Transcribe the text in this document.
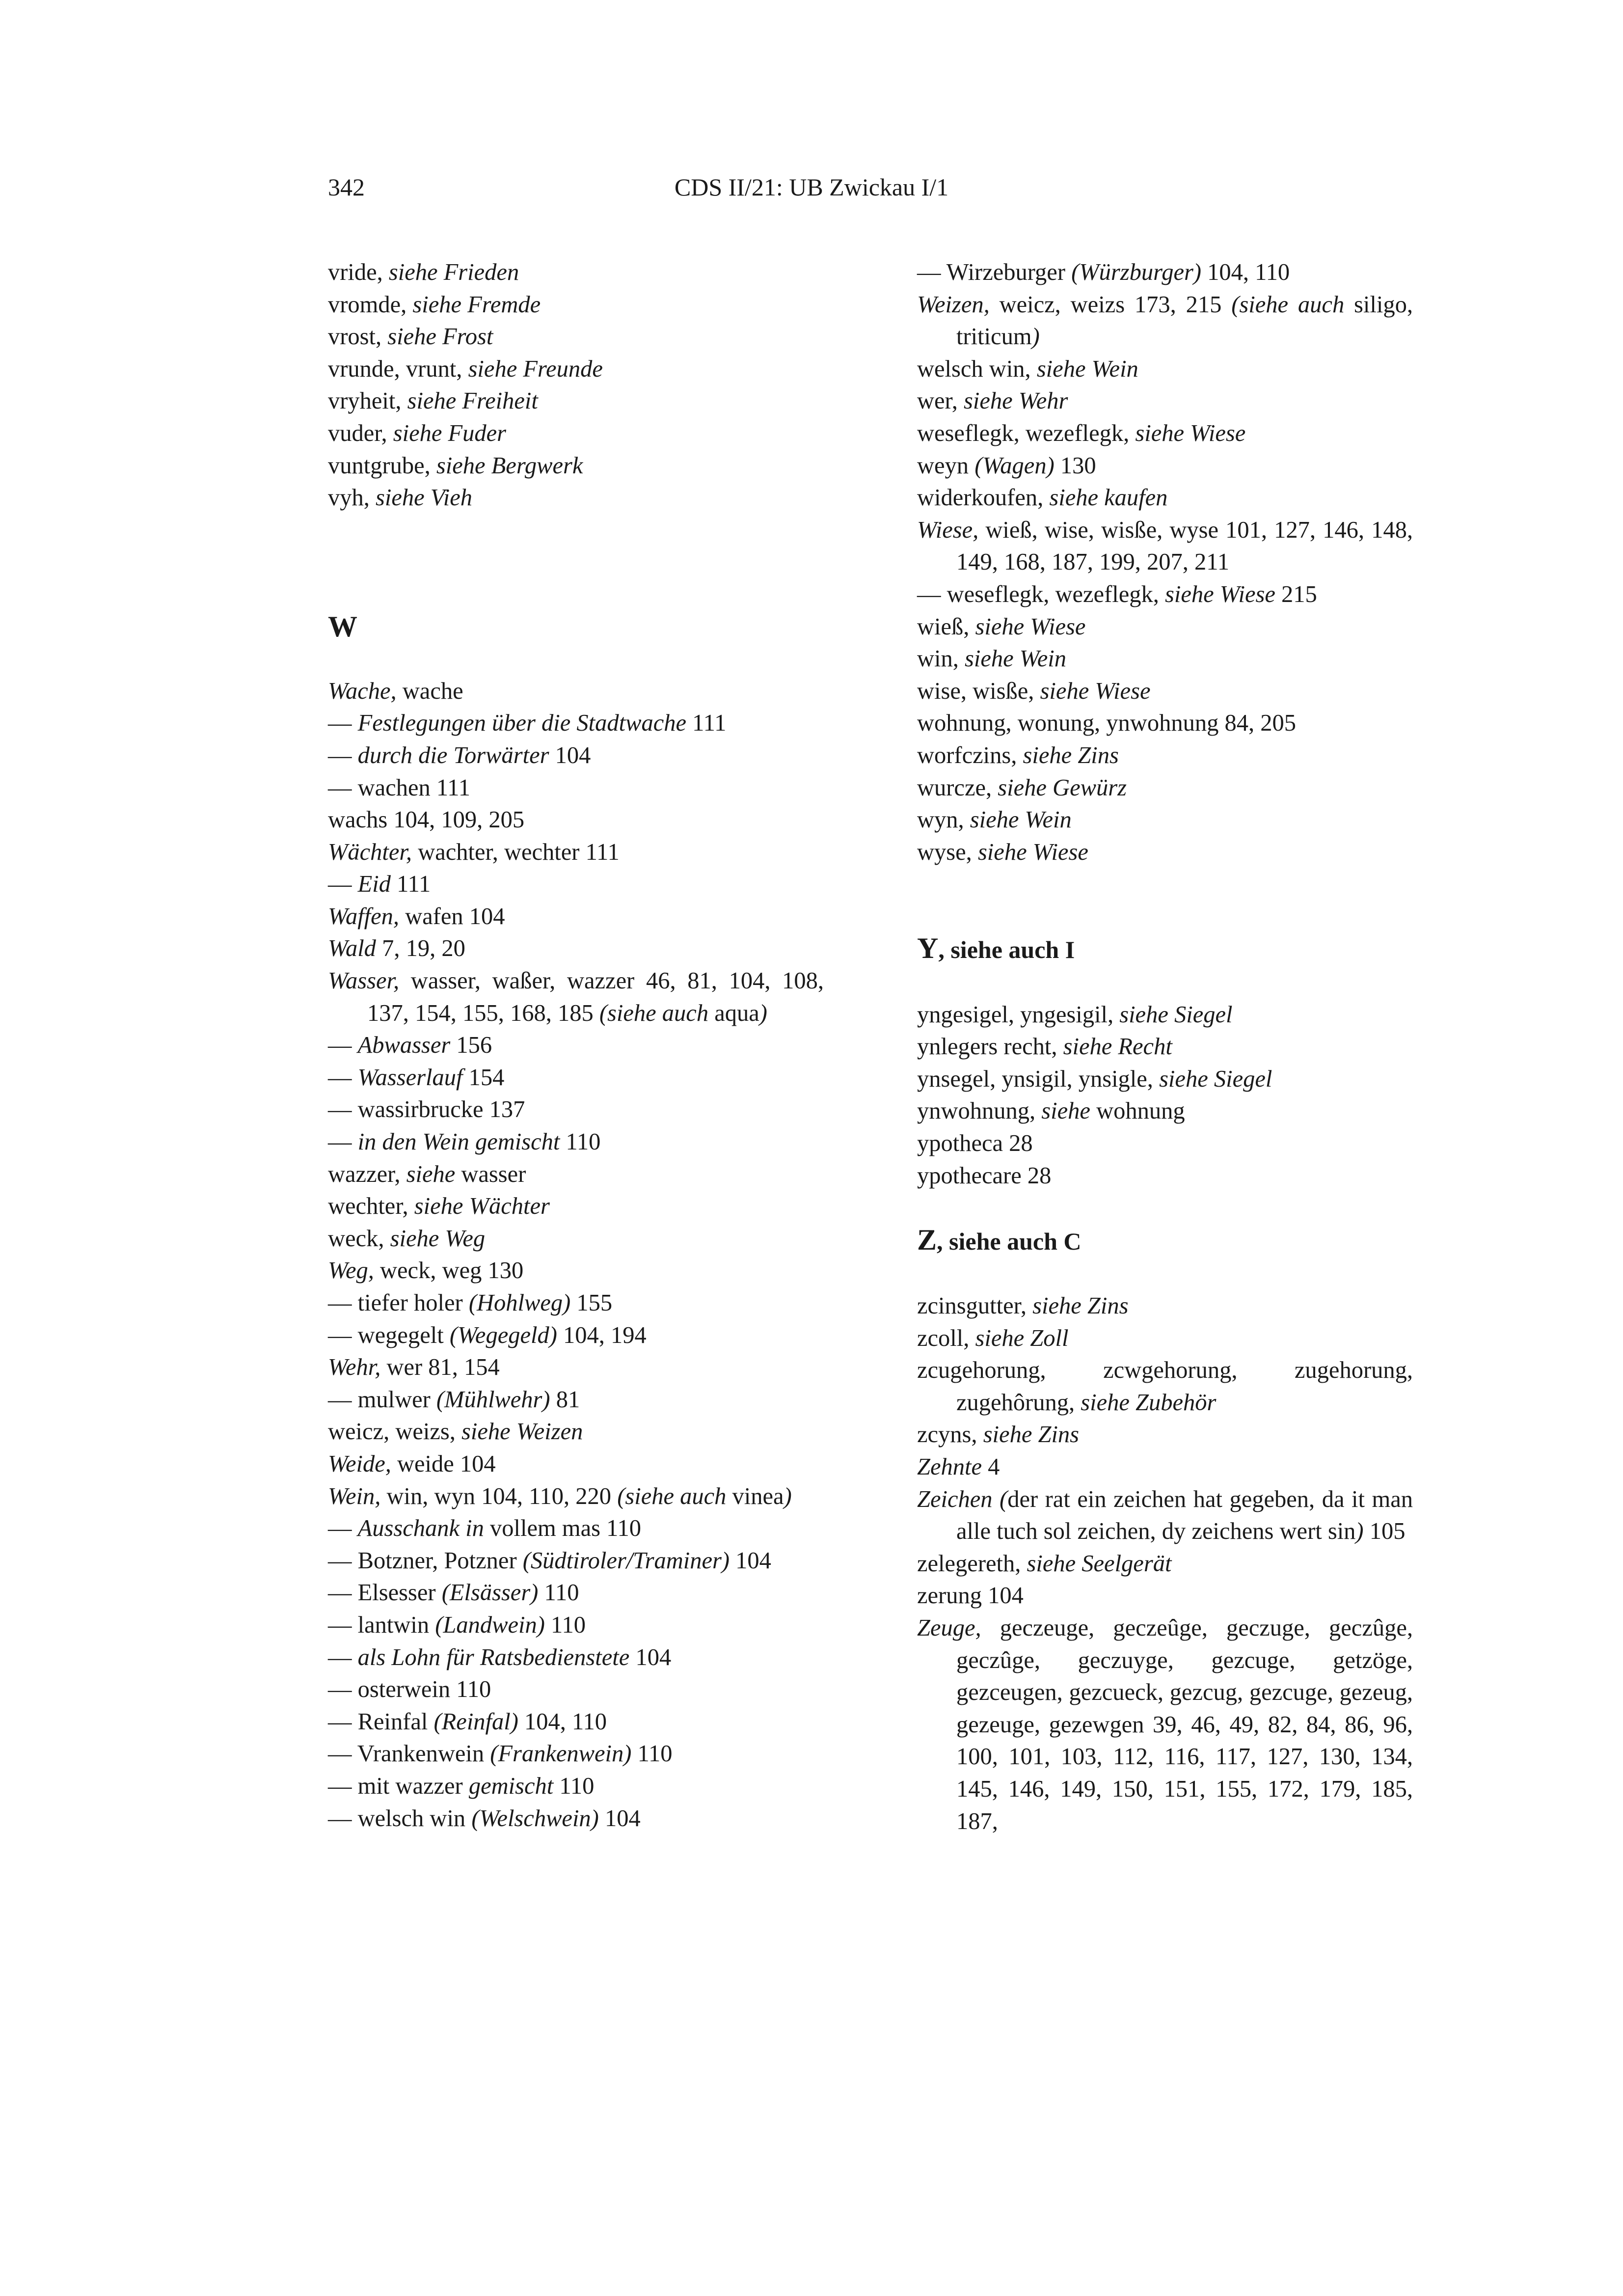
342	CDS II/21: UB Zwickau I/1
vride, siehe Frieden
vromde, siehe Fremde
vrost, siehe Frost
vrunde, vrunt, siehe Freunde
vryheit, siehe Freiheit
vuder, siehe Fuder
vuntgrube, siehe Bergwerk
vyh, siehe Vieh
W
Wache, wache
— Festlegungen über die Stadtwache 111
— durch die Torwärter 104
— wachen 111
wachs 104, 109, 205
Wächter, wachter, wechter 111
— Eid 111
Waffen, wafen 104
Wald 7, 19, 20
Wasser, wasser, waßer, wazzer 46, 81, 104, 108, 137, 154, 155, 168, 185 (siehe auch aqua)
— Abwasser 156
— Wasserlauf 154
— wassirbrucke 137
— in den Wein gemischt 110
wazzer, siehe wasser
wechter, siehe Wächter
weck, siehe Weg
Weg, weck, weg 130
— tiefer holer (Hohlweg) 155
— wegegelt (Wegegeld) 104, 194
Wehr, wer 81, 154
— mulwer (Mühlwehr) 81
weicz, weizs, siehe Weizen
Weide, weide 104
Wein, win, wyn 104, 110, 220 (siehe auch vinea)
— Ausschank in vollem mas 110
— Botzner, Potzner (Südtiroler/Traminer) 104
— Elsesser (Elsässer) 110
— lantwin (Landwein) 110
— als Lohn für Ratsbedienstete 104
— osterwein 110
— Reinfal (Reinfal) 104, 110
— Vrankenwein (Frankenwein) 110
— mit wazzer gemischt 110
— welsch win (Welschwein) 104
— Wirzeburger (Würzburger) 104, 110
Weizen, weicz, weizs 173, 215 (siehe auch siligo, triticum)
welsch win, siehe Wein
wer, siehe Wehr
weseflegk, wezeflegk, siehe Wiese
weyn (Wagen) 130
widerkoufen, siehe kaufen
Wiese, wieß, wise, wisße, wyse 101, 127, 146, 148, 149, 168, 187, 199, 207, 211
— weseflegk, wezeflegk, siehe Wiese 215
wieß, siehe Wiese
win, siehe Wein
wise, wisße, siehe Wiese
wohnung, wonung, ynwohnung 84, 205
worfczins, siehe Zins
wurcze, siehe Gewürz
wyn, siehe Wein
wyse, siehe Wiese
Y, siehe auch I
yngesigel, yngesigil, siehe Siegel
ynlegers recht, siehe Recht
ynsegel, ynsigil, ynsigle, siehe Siegel
ynwohnung, siehe wohnung
ypotheca 28
ypothecare 28
Z, siehe auch C
zcinsgutter, siehe Zins
zcoll, siehe Zoll
zcugehorung, zcwgehorung, zugehorung, zugehôrung, siehe Zubehör
zcyns, siehe Zins
Zehnte 4
Zeichen (der rat ein zeichen hat gegeben, da it man alle tuch sol zeichen, dy zeichens wert sin) 105
zelegereth, siehe Seelgerät
zerung 104
Zeuge, geczeuge, geczeûge, geczuge, geczûge, geczûge, geczuyge, gezcuge, getzöge, gezceugen, gezcueck, gezcug, gezcuge, gezeug, gezeuge, gezewgen 39, 46, 49, 82, 84, 86, 96, 100, 101, 103, 112, 116, 117, 127, 130, 134, 145, 146, 149, 150, 151, 155, 172, 179, 185, 187,
